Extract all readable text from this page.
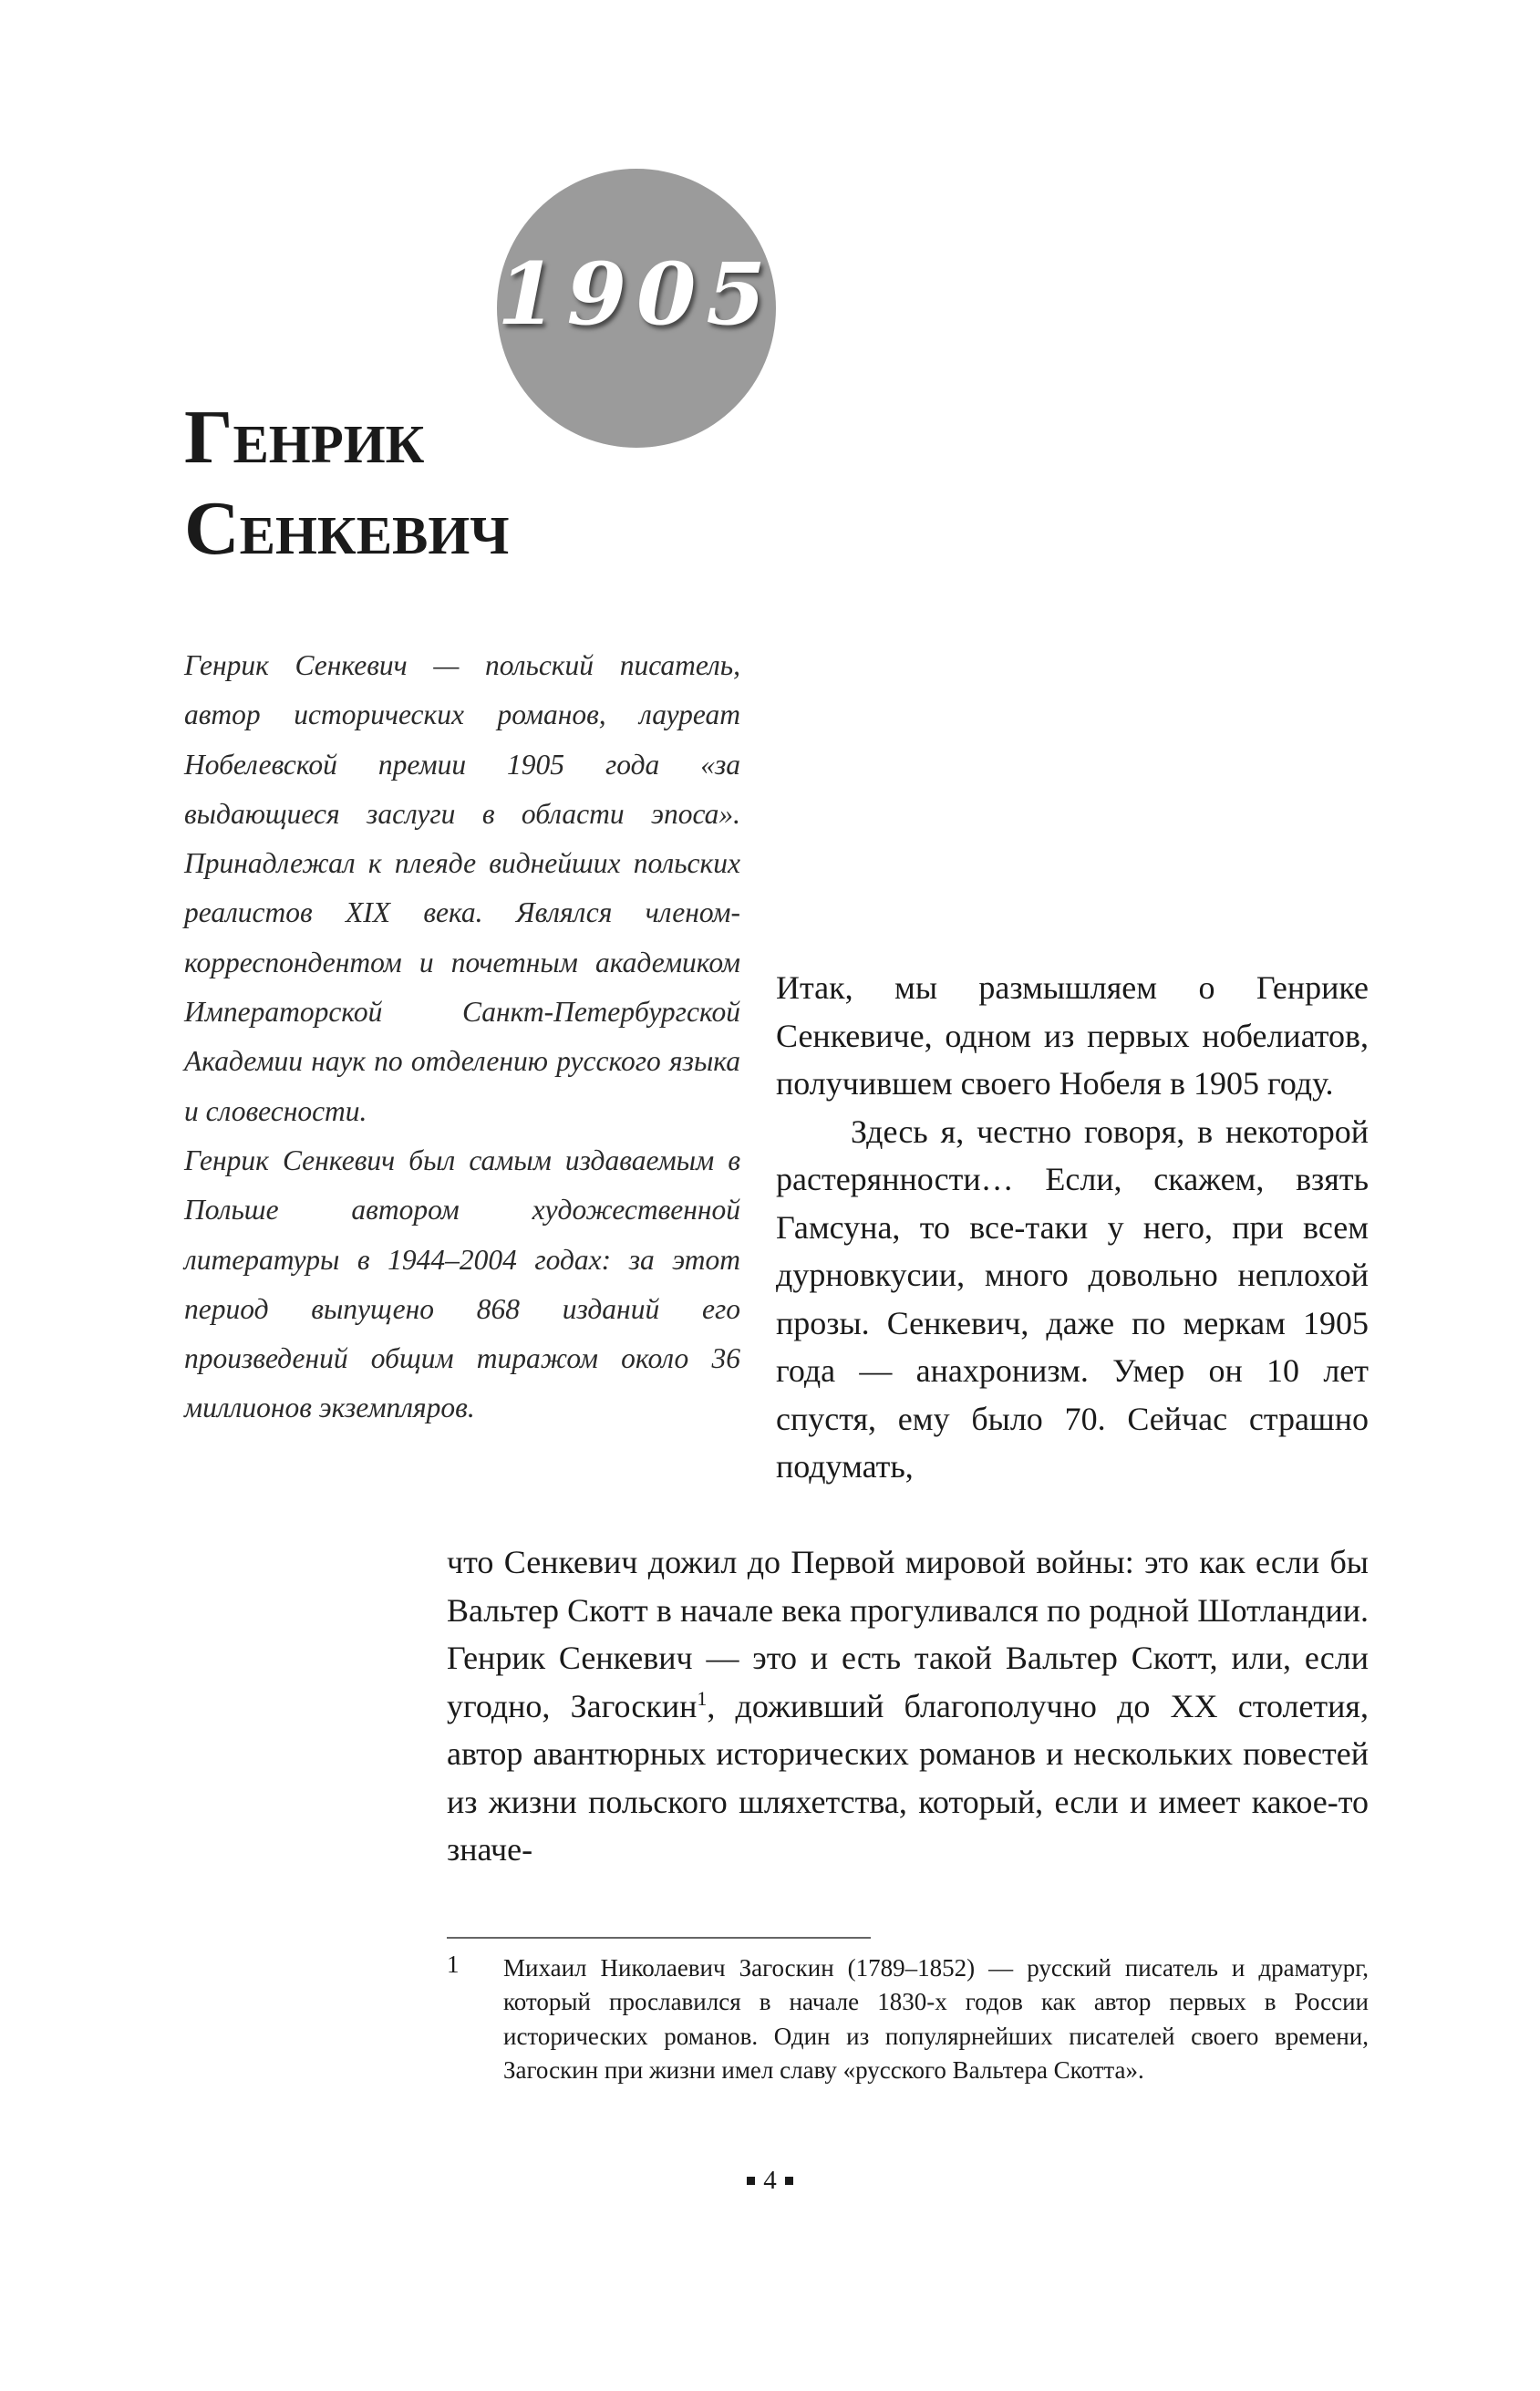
1905
Генрик
Сенкевич

Генрик Сенкевич — польский писатель, автор исторических романов, лауреат Нобелевской премии 1905 года «за выдающиеся заслуги в области эпоса». Принадлежал к плеяде виднейших польских реалистов XIX века. Являлся членом-корреспондентом и почетным академиком Императорской Санкт-Петербургской Академии наук по отделению русского языка и словесности.

Генрик Сенкевич был самым издаваемым в Польше автором художественной литературы в 1944–2004 годах: за этот период выпущено 868 изданий его произведений общим тиражом около 36 миллионов экземпляров.

Итак, мы размышляем о Генрике Сенкевиче, одном из первых нобелиатов, получившем своего Нобеля в 1905 году.

Здесь я, честно говоря, в некоторой растерянности… Если, скажем, взять Гамсуна, то все-таки у него, при всем дурновкусии, много довольно неплохой прозы. Сенкевич, даже по меркам 1905 года — анахронизм. Умер он 10 лет спустя, ему было 70. Сейчас страшно подумать,

что Сенкевич дожил до Первой мировой войны: это как если бы Вальтер Скотт в начале века прогуливался по родной Шотландии. Генрик Сенкевич — это и есть такой Вальтер Скотт, или, если угодно, Загоскин$^1$, доживший благополучно до XX столетия, автор авантюрных исторических романов и нескольких повестей из жизни польского шляхетства, который, если и имеет какое-то значе-
1 Михаил Николаевич Загоскин (1789–1852) — русский писатель и драматург, который прославился в начале 1830-х годов как автор первых в России исторических романов. Один из популярнейших писателей своего времени, Загоскин при жизни имел славу «русского Вальтера Скотта».
4
